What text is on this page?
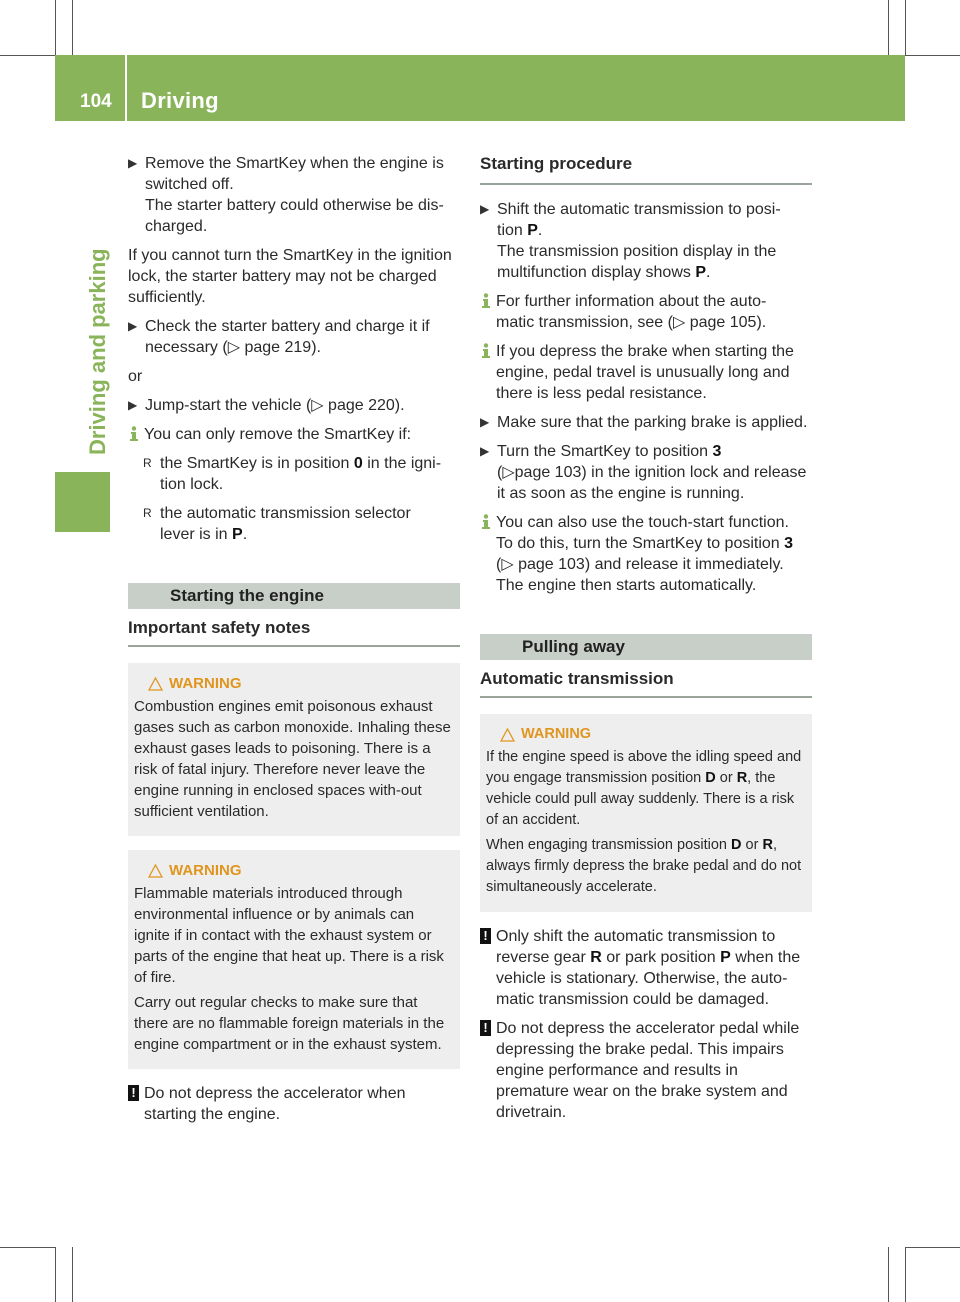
104 Driving
Driving and parking
▶ Remove the SmartKey when the engine is
switched off.
The starter battery could otherwise be dis-
charged.

If you cannot turn the SmartKey in the ignition lock, the starter battery may not be charged sufficiently.

▶ Check the starter battery and charge it if
necessary (▷ page 219).

or

▶ Jump-start the vehicle (▷ page 220).
You can only remove the SmartKey if:
R the SmartKey is in position 0 in the igni-
tion lock.
R the automatic transmission selector
lever is in P.
Starting the engine
Important safety notes
WARNING

Combustion engines emit poisonous exhaust gases such as carbon monoxide. Inhaling these exhaust gases leads to poisoning. There is a risk of fatal injury. Therefore never leave the engine running in enclosed spaces with-out sufficient ventilation.

WARNING

Flammable materials introduced through environmental influence or by animals can ignite if in contact with the exhaust system or parts of the engine that heat up. There is a risk of fire.

Carry out regular checks to make sure that there are no flammable foreign materials in the engine compartment or in the exhaust system.

! Do not depress the accelerator when starting the engine.
Starting procedure
▶ Shift the automatic transmission to posi-
tion P.
The transmission position display in the
multifunction display shows P.
For further information about the auto-
matic transmission, see (▷ page 105).
If you depress the brake when starting the engine, pedal travel is unusually long and there is less pedal resistance.
▶ Make sure that the parking brake is applied.
▶ Turn the SmartKey to position 3
(▷page 103) in the ignition lock and release it as soon as the engine is running.
You can also use the touch-start function.
To do this, turn the SmartKey to position 3
(▷ page 103) and release it immediately.
The engine then starts automatically.
Pulling away
Automatic transmission
WARNING

If the engine speed is above the idling speed and you engage transmission position D or R, the vehicle could pull away suddenly. There is a risk of an accident.

When engaging transmission position D or R, always firmly depress the brake pedal and do not simultaneously accelerate.

! Only shift the automatic transmission to reverse gear R or park position P when the vehicle is stationary. Otherwise, the auto-matic transmission could be damaged.
! Do not depress the accelerator pedal while depressing the brake pedal. This impairs engine performance and results in premature wear on the brake system and drivetrain.
